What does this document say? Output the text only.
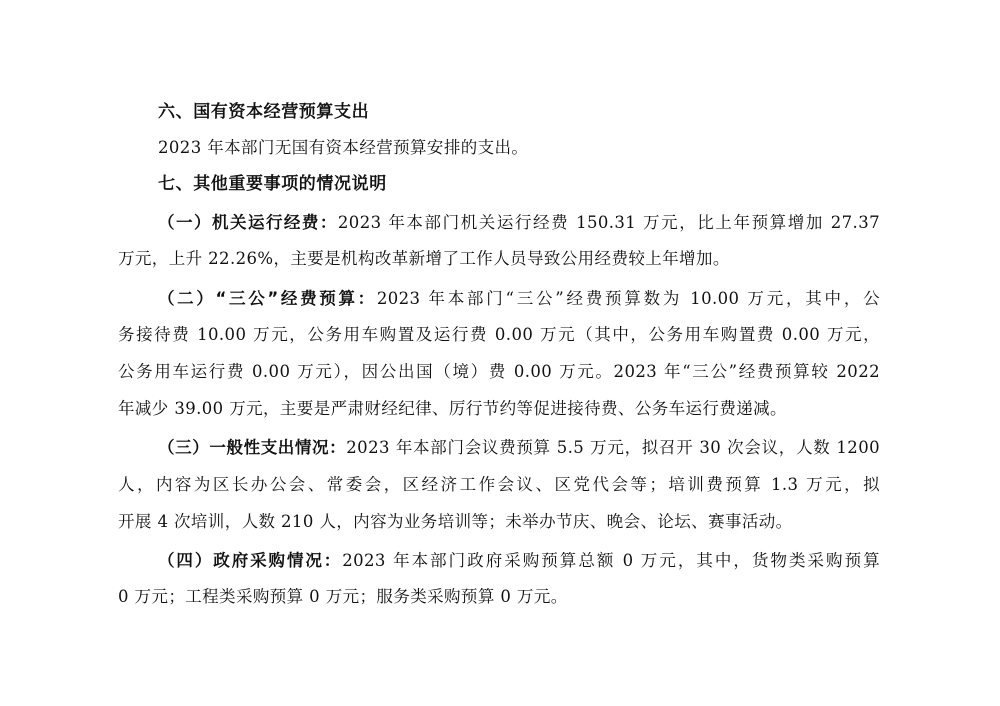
六、国有资本经营预算支出
2023 年本部门无国有资本经营预算安排的支出。
七、其他重要事项的情况说明
（一）机关运行经费：2023 年本部门机关运行经费 150.31 万元，比上年预算增加 27.37
万元，上升 22.26%，主要是机构改革新增了工作人员导致公用经费较上年增加。
（二）“三公”经费预算：2023 年本部门“三公”经费预算数为 10.00 万元，其中，公
务接待费 10.00 万元，公务用车购置及运行费 0.00 万元（其中，公务用车购置费 0.00 万元，
公务用车运行费 0.00 万元），因公出国（境）费 0.00 万元。2023 年“三公”经费预算较 2022
年减少 39.00 万元，主要是严肃财经纪律、厉行节约等促进接待费、公务车运行费递减。
（三）一般性支出情况：2023 年本部门会议费预算 5.5 万元，拟召开 30 次会议，人数 1200
人，内容为区长办公会、常委会，区经济工作会议、区党代会等；培训费预算 1.3 万元，拟
开展 4 次培训，人数 210 人，内容为业务培训等；未举办节庆、晚会、论坛、赛事活动。
（四）政府采购情况：2023 年本部门政府采购预算总额 0 万元，其中，货物类采购预算
0 万元；工程类采购预算 0 万元；服务类采购预算 0 万元。
